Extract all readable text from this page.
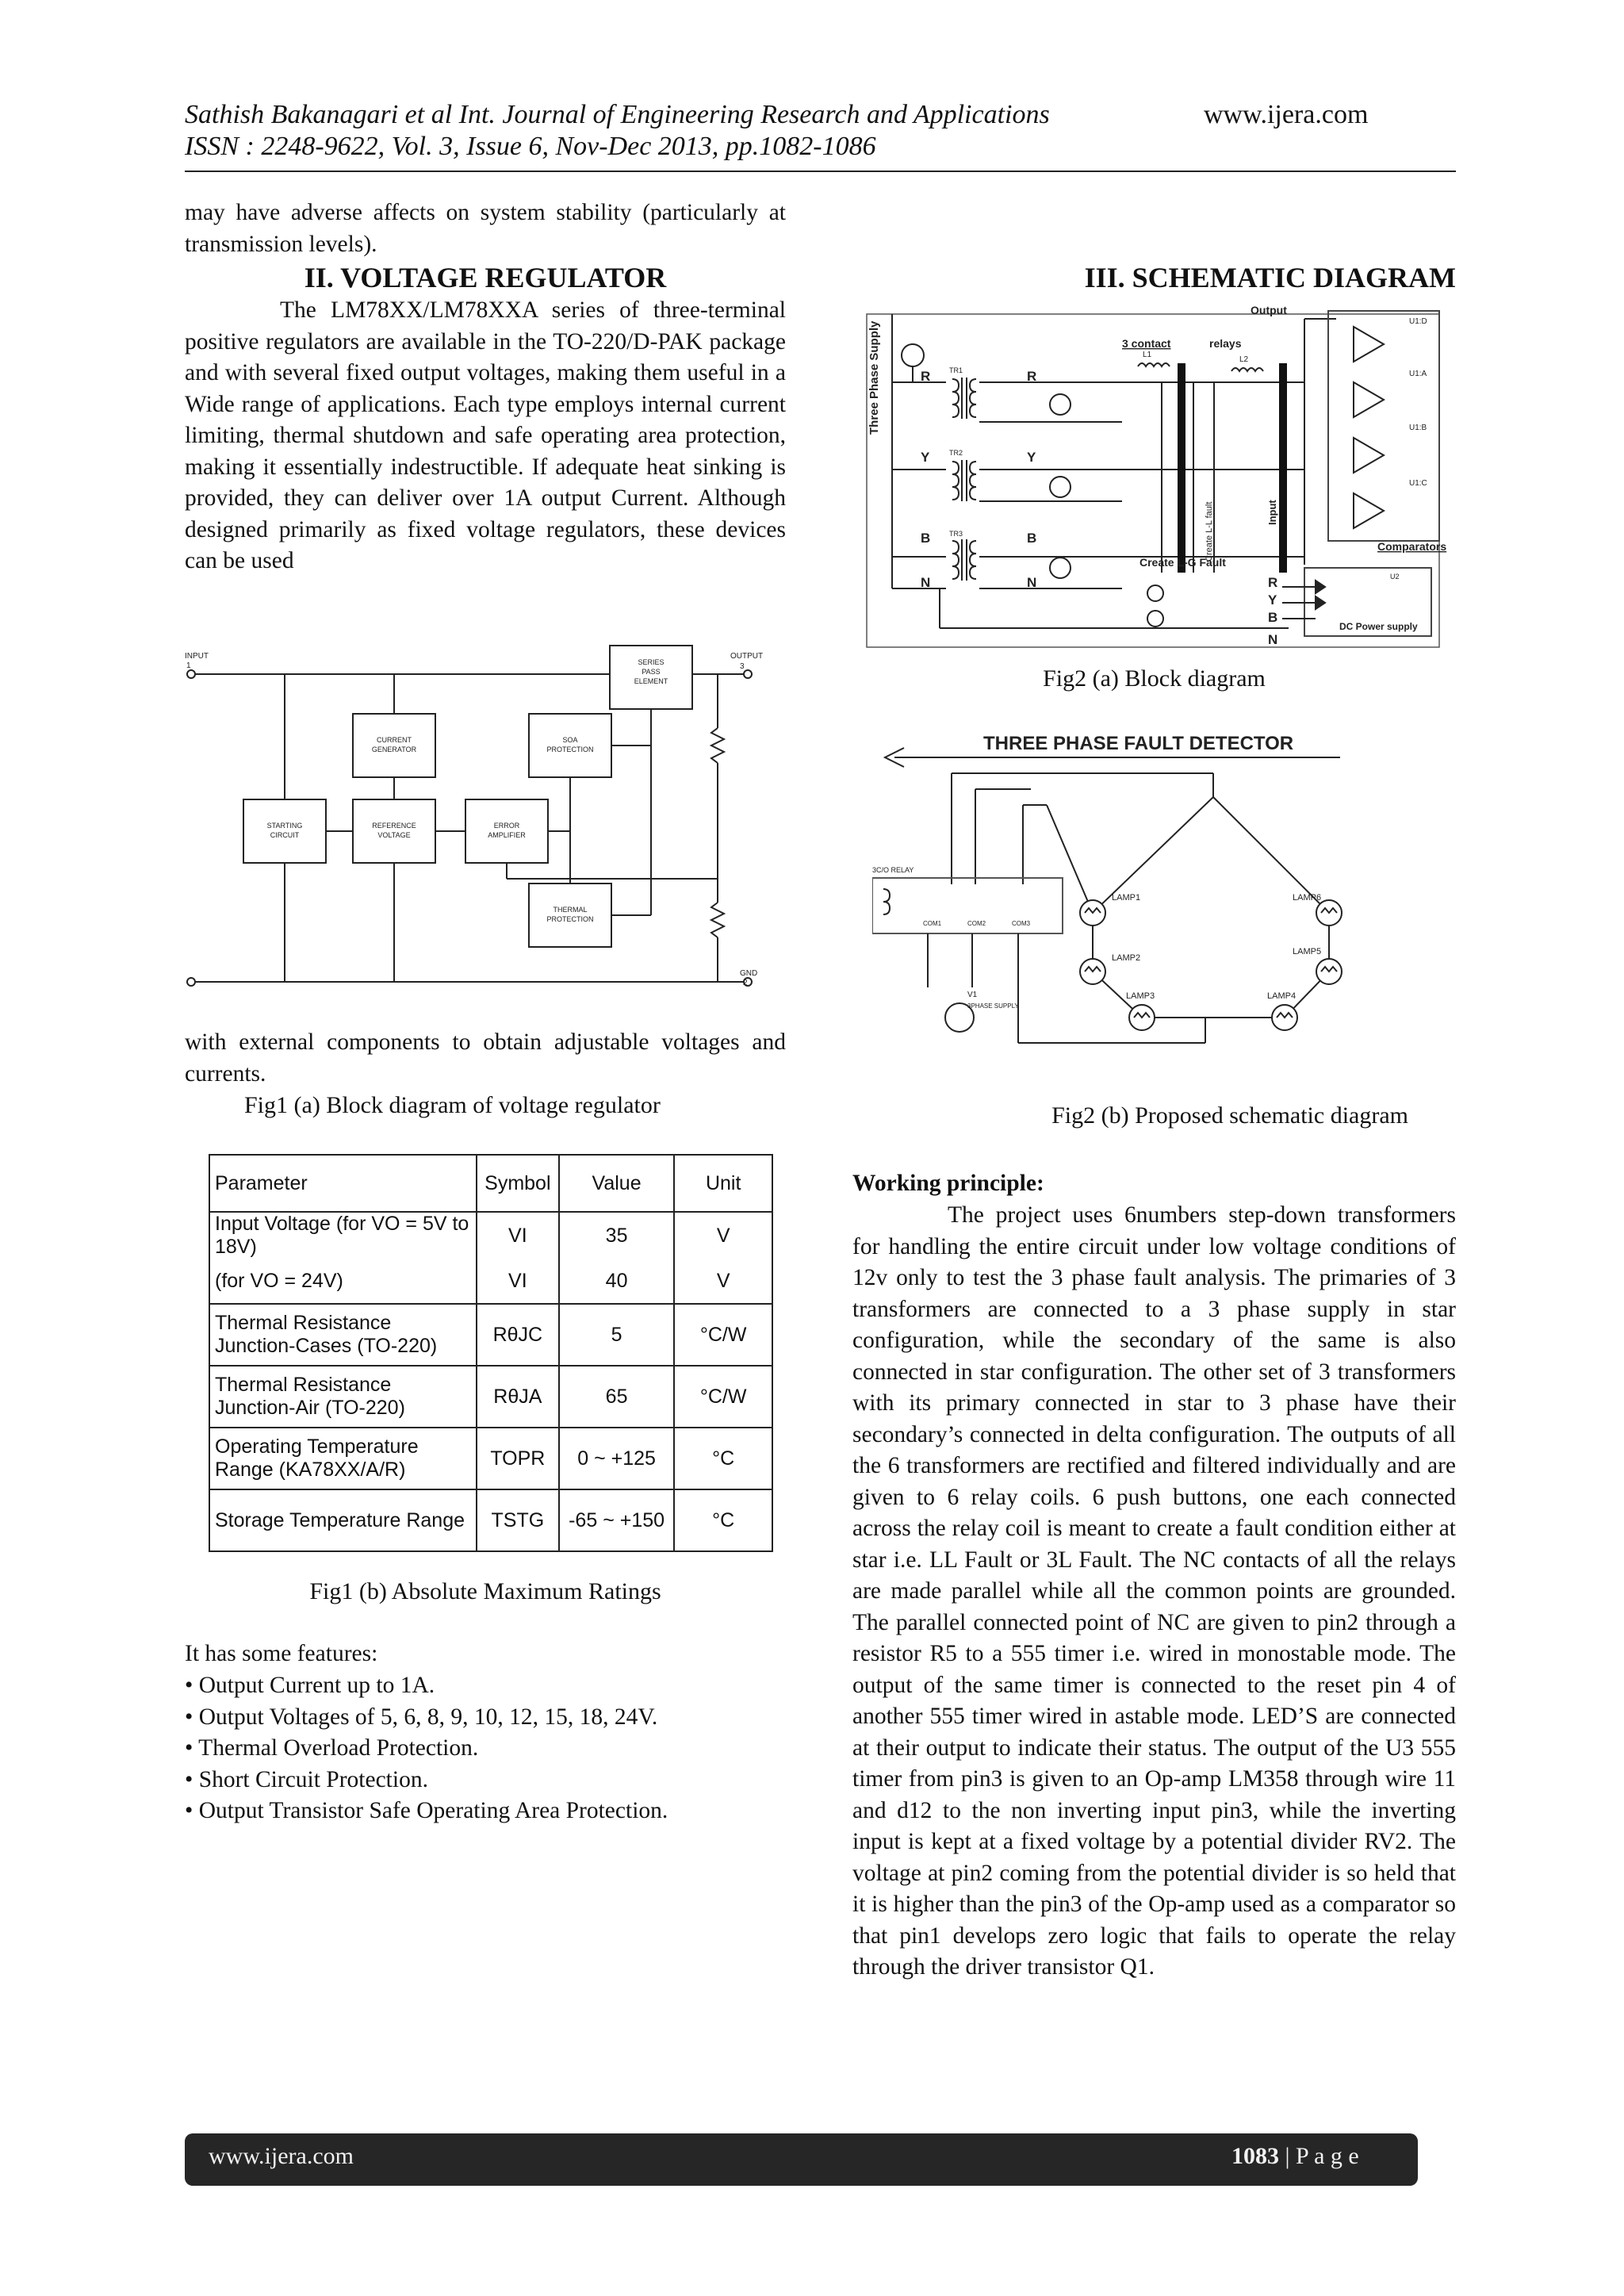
Sathish Bakanagari et al Int. Journal of Engineering Research and Applications	www.ijera.com
ISSN : 2248-9622, Vol. 3, Issue 6, Nov-Dec 2013, pp.1082-1086
may have adverse affects on system stability (particularly at transmission levels).
II. VOLTAGE REGULATOR

The LM78XX/LM78XXA series of three-terminal positive regulators are available in the TO-220/D-PAK package and with several fixed output voltages, making them useful in a Wide range of applications. Each type employs internal current limiting, thermal shutdown and safe operating area protection, making it essentially indestructible. If adequate heat sinking is provided, they can deliver over 1A output Current. Although designed primarily as fixed voltage regulators, these devices can be used

INPUT
1
OUTPUT
3
GND
2
SERIES
PASS
ELEMENT
CURRENT
GENERATOR
SOA
PROTECTION
STARTING
CIRCUIT
REFERENCE
VOLTAGE
ERROR
AMPLIFIER
THERMAL
PROTECTION
with external components to obtain adjustable voltages and currents.
Fig1 (a) Block diagram of voltage regulator
Parameter	Symbol	Value	Unit
Input Voltage (for VO = 5V to 18V)	VI	35	V
(for VO = 24V)	VI	40	V
Thermal Resistance Junction-Cases (TO-220)	RθJC	5	°C/W
Thermal Resistance Junction-Air (TO-220)	RθJA	65	°C/W
Operating Temperature Range (KA78XX/A/R)	TOPR	0 ~ +125	°C
Storage Temperature Range	TSTG	-65 ~ +150	°C
Fig1 (b) Absolute Maximum Ratings
It has some features:
• Output Current up to 1A.
• Output Voltages of 5, 6, 8, 9, 10, 12, 15, 18, 24V.
• Thermal Overload Protection.
• Short Circuit Protection.
• Output Transistor Safe Operating Area Protection.
III. SCHEMATIC DIAGRAM
Three Phase Supply	R
Y
B
N
R
Y
B
N
TR1
TR2
TR3
3 contact	relays
Output
L1
L2
Input
Create L-L fault
Create L-G Fault
U1:D
U1:A
U1:B
U1:C
Comparators
R
Y
B
N
U2
DC Power supply
Fig2 (a) Block diagram
THREE PHASE FAULT DETECTOR
3C/O RELAY
COM1	COM2	COM3
V1
3PHASE SUPPLY
LAMP1
LAMP2
LAMP3	LAMP4
LAMP5
LAMP6
Fig2 (b) Proposed schematic diagram
Working principle:

The project uses 6numbers step-down transformers for handling the entire circuit under low voltage conditions of 12v only to test the 3 phase fault analysis. The primaries of 3 transformers are connected to a 3 phase supply in star configuration, while the secondary of the same is also connected in star configuration. The other set of 3 transformers with its primary connected in star to 3 phase have their secondary’s connected in delta configuration. The outputs of all the 6 transformers are rectified and filtered individually and are given to 6 relay coils. 6 push buttons, one each connected across the relay coil is meant to create a fault condition either at star i.e. LL Fault or 3L Fault. The NC contacts of all the relays are made parallel while all the common points are grounded. The parallel connected point of NC are given to pin2 through a resistor R5 to a 555 timer i.e. wired in monostable mode. The output of the same timer is connected to the reset pin 4 of another 555 timer wired in astable mode. LED’S are connected at their output to indicate their status. The output of the U3 555 timer from pin3 is given to an Op-amp LM358 through wire 11 and d12 to the non inverting input pin3, while the inverting input is kept at a fixed voltage by a potential divider RV2. The voltage at pin2 coming from the potential divider is so held that it is higher than the pin3 of the Op-amp used as a comparator so that pin1 develops zero logic that fails to operate the relay through the driver transistor Q1.

www.ijera.com	1083 | P a g e
